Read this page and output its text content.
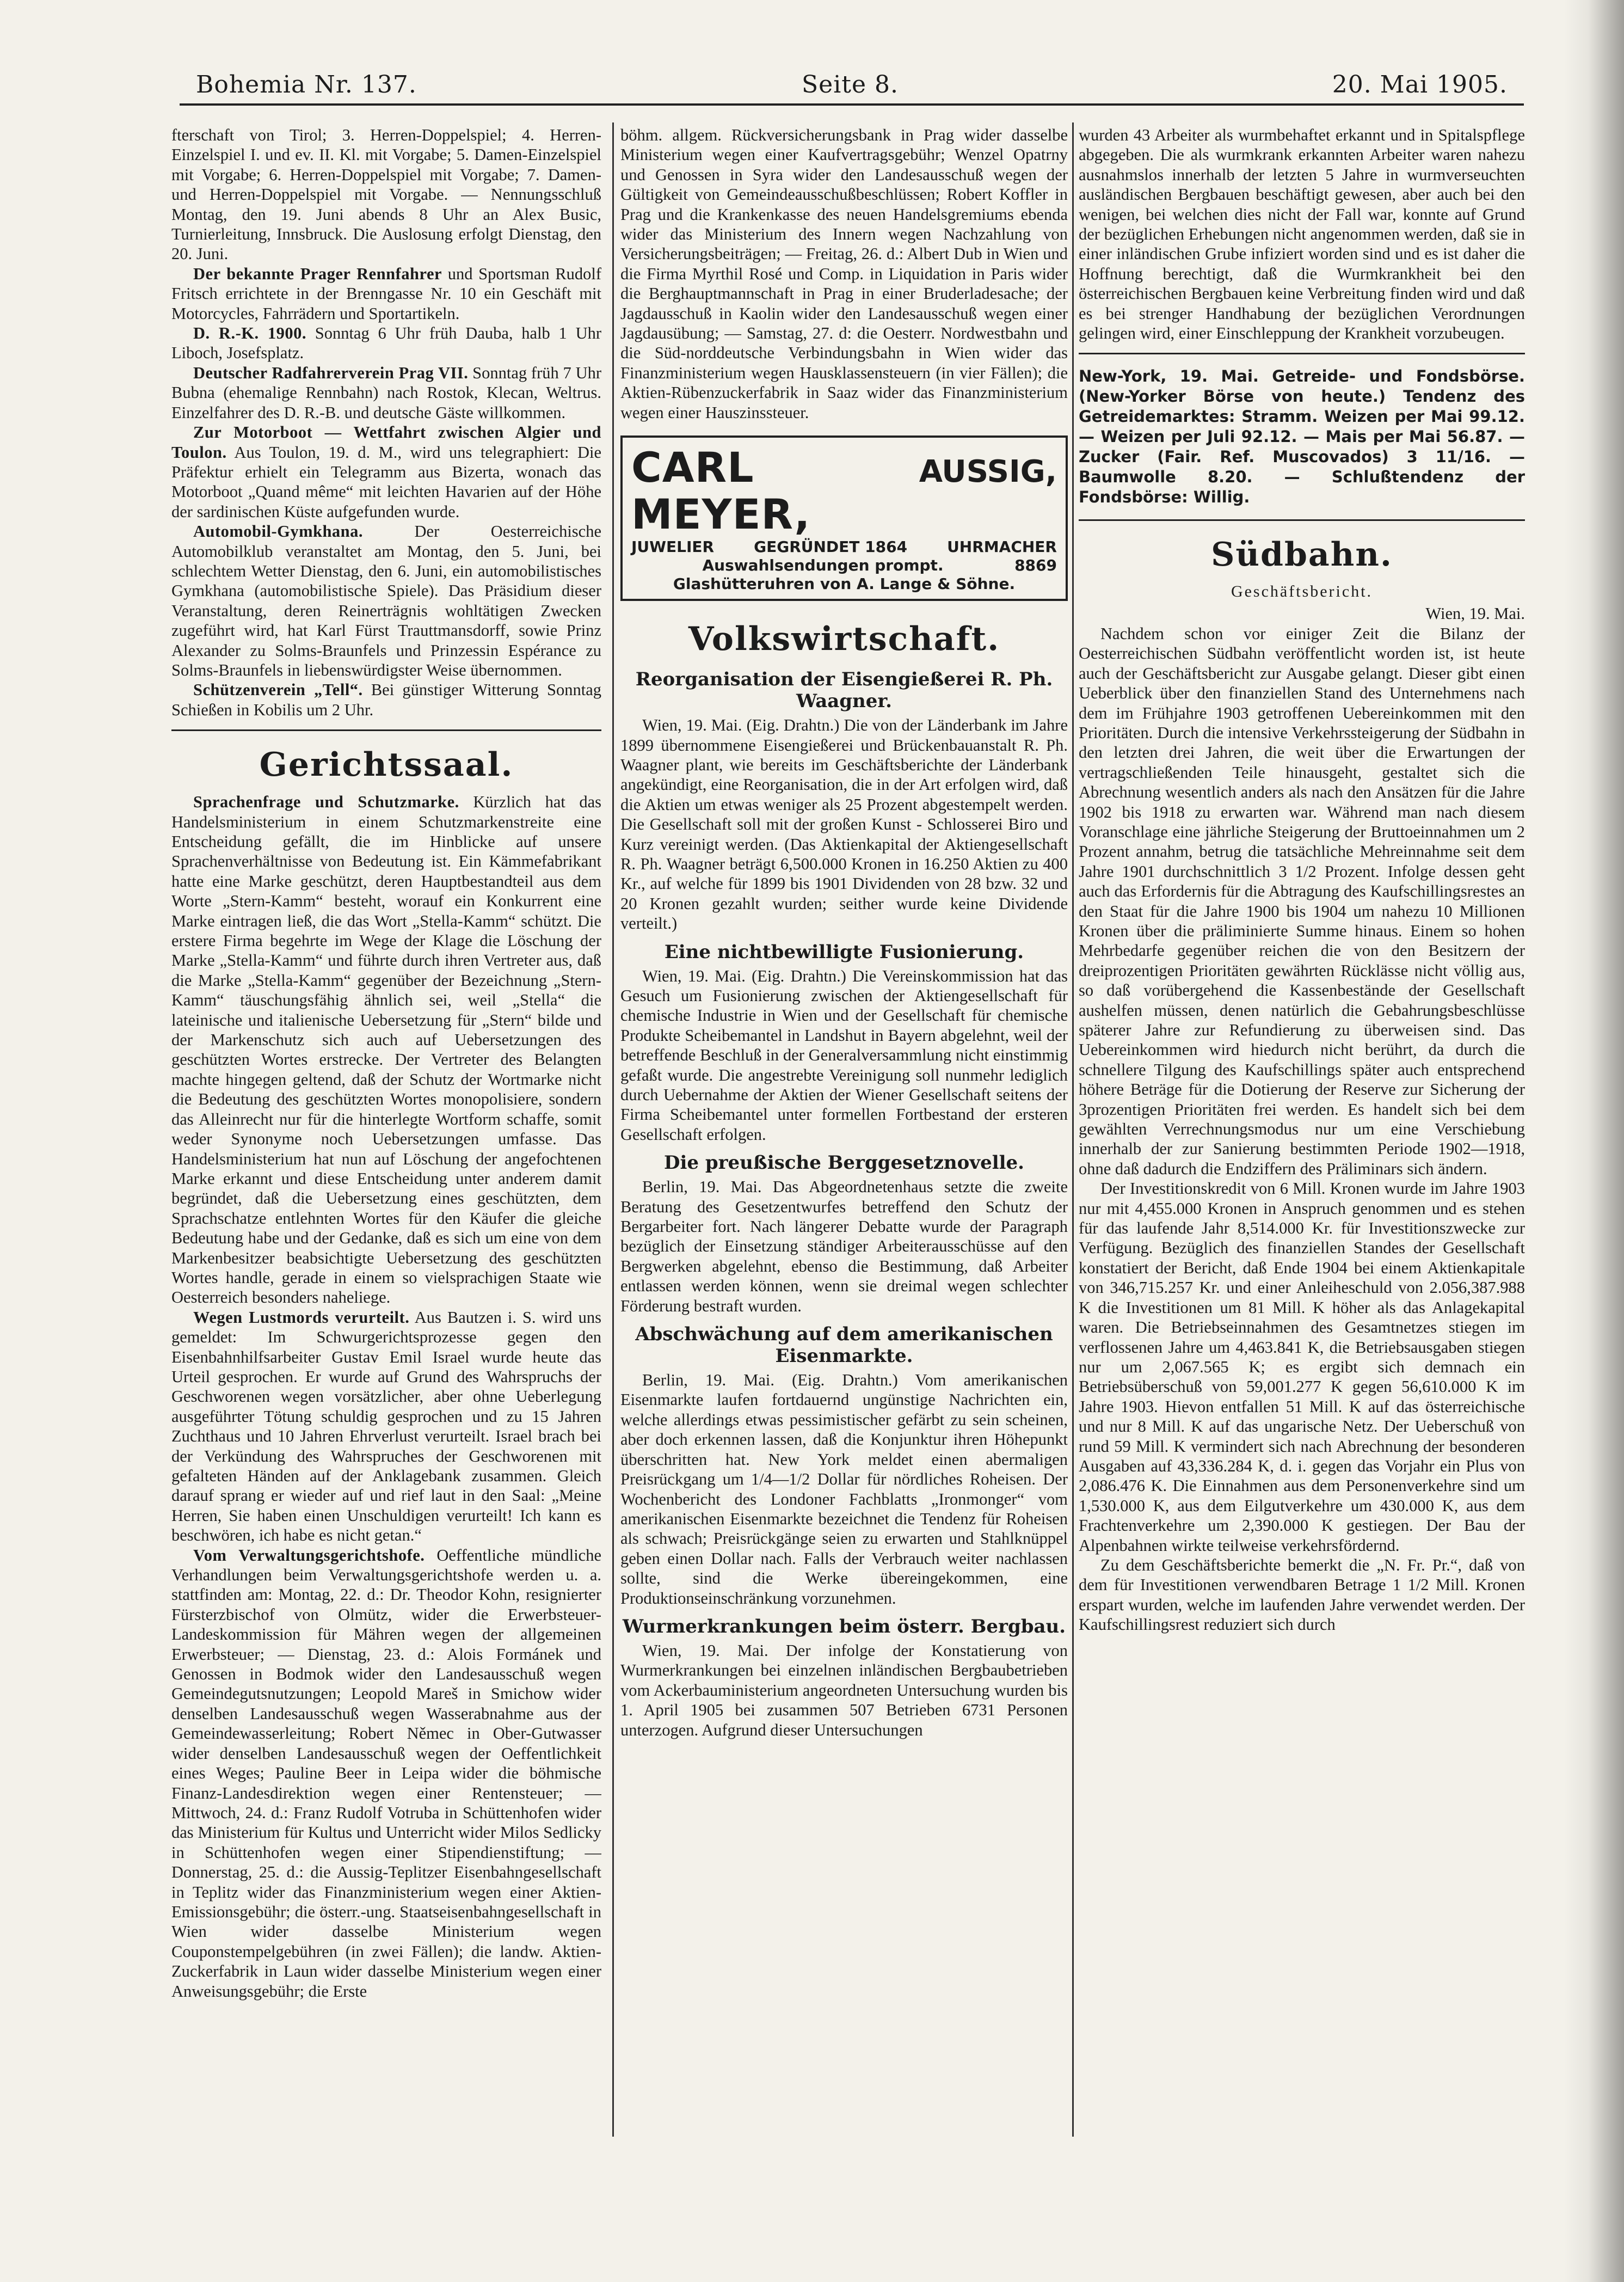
Bohemia Nr. 137.	Seite 8.	20. Mai 1905.

fterschaft von Tirol; 3. Herren-Doppelspiel; 4. Herren-Einzelspiel I. und ev. II. Kl. mit Vorgabe; 5. Damen-Einzelspiel mit Vorgabe; 6. Herren-Doppelspiel mit Vorgabe; 7. Damen- und Herren-Doppelspiel mit Vorgabe. — Nennungsschluß Montag, den 19. Juni abends 8 Uhr an Alex Busic, Turnierleitung, Innsbruck. Die Auslosung erfolgt Dienstag, den 20. Juni.

Der bekannte Prager Rennfahrer und Sportsman Rudolf Fritsch errichtete in der Brenngasse Nr. 10 ein Geschäft mit Motorcycles, Fahrrädern und Sportartikeln.

D. R.-K. 1900. Sonntag 6 Uhr früh Dauba, halb 1 Uhr Liboch, Josefsplatz.

Deutscher Radfahrerverein Prag VII. Sonntag früh 7 Uhr Bubna (ehemalige Rennbahn) nach Rostok, Klecan, Weltrus. Einzelfahrer des D. R.-B. und deutsche Gäste willkommen.

Zur Motorboot — Wettfahrt zwischen Algier und Toulon. Aus Toulon, 19. d. M., wird uns telegraphiert: Die Präfektur erhielt ein Telegramm aus Bizerta, wonach das Motorboot „Quand même“ mit leichten Havarien auf der Höhe der sardinischen Küste aufgefunden wurde.

Automobil-Gymkhana.	Der Oesterreichische Automobilklub veranstaltet am Montag, den 5. Juni, bei schlechtem Wetter Dienstag, den 6. Juni, ein automobilistisches Gymkhana (automobilistische Spiele). Das Präsidium dieser Veranstaltung, deren Reinerträgnis wohltätigen Zwecken zugeführt wird, hat Karl Fürst Trauttmansdorff, sowie Prinz Alexander zu Solms-Braunfels und Prinzessin Espérance zu Solms-Braunfels in liebenswürdigster Weise übernommen.

Schützenverein „Tell“. Bei günstiger Witterung Sonntag Schießen in Kobilis um 2 Uhr.

Gerichtssaal.

Sprachenfrage und Schutzmarke. Kürzlich hat das Handelsministerium in einem Schutzmarkenstreite eine Entscheidung gefällt, die im Hinblicke auf unsere Sprachenverhältnisse von Bedeutung ist. Ein Kämmefabrikant hatte eine Marke geschützt, deren Hauptbestandteil aus dem Worte „Stern-Kamm“ besteht, worauf ein Konkurrent eine Marke eintragen ließ, die das Wort „Stella-Kamm“ schützt. Die erstere Firma begehrte im Wege der Klage die Löschung der Marke „Stella-Kamm“ und führte durch ihren Vertreter aus, daß die Marke „Stella-Kamm“ gegenüber der Bezeichnung „Stern-Kamm“ täuschungsfähig ähnlich sei, weil „Stella“ die lateinische und italienische Uebersetzung für „Stern“ bilde und der Markenschutz sich auch auf Uebersetzungen des geschützten Wortes erstrecke. Der Vertreter des Belangten machte hingegen geltend, daß der Schutz der Wortmarke nicht die Bedeutung des geschützten Wortes monopolisiere, sondern das Alleinrecht nur für die hinterlegte Wortform schaffe, somit weder Synonyme noch Uebersetzungen umfasse. Das Handelsministerium hat nun auf Löschung der angefochtenen Marke erkannt und diese Entscheidung unter anderem damit begründet, daß die Uebersetzung eines geschützten, dem Sprachschatze entlehnten Wortes für den Käufer die gleiche Bedeutung habe und der Gedanke, daß es sich um eine von dem Markenbesitzer beabsichtigte Uebersetzung des geschützten Wortes handle, gerade in einem so vielsprachigen Staate wie Oesterreich besonders naheliege.

Wegen Lustmords verurteilt. Aus Bautzen i. S. wird uns gemeldet: Im Schwurgerichtsprozesse gegen den Eisenbahnhilfsarbeiter Gustav Emil Israel wurde heute das Urteil gesprochen. Er wurde auf Grund des Wahrspruchs der Geschworenen wegen vorsätzlicher, aber ohne Ueberlegung ausgeführter Tötung schuldig gesprochen und zu 15 Jahren Zuchthaus und 10 Jahren Ehrverlust verurteilt. Israel brach bei der Verkündung des Wahrspruches der Geschworenen mit gefalteten Händen auf der Anklagebank zusammen. Gleich darauf sprang er wieder auf und rief laut in den Saal: „Meine Herren, Sie haben einen Unschuldigen verurteilt! Ich kann es beschwören, ich habe es nicht getan.“

Vom Verwaltungsgerichtshofe. Oeffentliche mündliche Verhandlungen beim Verwaltungsgerichtshofe werden u. a. stattfinden am: Montag, 22. d.: Dr. Theodor Kohn, resignierter Fürsterzbischof von Olmütz, wider die Erwerbsteuer-Landeskommission für Mähren wegen der allgemeinen Erwerbsteuer; — Dienstag, 23. d.: Alois Formánek und Genossen in Bodmok wider den Landesausschuß wegen Gemeindegutsnutzungen; Leopold Mareš in Smichow wider denselben Landesausschuß wegen Wasserabnahme aus der Gemeindewasserleitung; Robert Němec in Ober-Gutwasser wider denselben Landesausschuß wegen der Oeffentlichkeit eines Weges; Pauline Beer in Leipa wider die böhmische Finanz-Landesdirektion wegen einer Rentensteuer; — Mittwoch, 24. d.: Franz Rudolf Votruba in Schüttenhofen wider das Ministerium für Kultus und Unterricht wider Milos Sedlicky in Schüttenhofen wegen einer Stipendienstiftung; — Donnerstag, 25. d.: die Aussig-Teplitzer Eisenbahngesellschaft in Teplitz wider das Finanzministerium wegen einer Aktien-Emissionsgebühr; die österr.-ung. Staatseisenbahngesellschaft in Wien wider dasselbe Ministerium wegen Couponstempelgebühren (in zwei Fällen); die landw. Aktien-Zuckerfabrik in Laun wider dasselbe Ministerium wegen einer Anweisungsgebühr; die Erste

böhm. allgem. Rückversicherungsbank in Prag wider dasselbe Ministerium wegen einer Kaufvertragsgebühr; Wenzel Opatrny und Genossen in Syra wider den Landesausschuß wegen der Gültigkeit von Gemeindeausschußbeschlüssen; Robert Koffler in Prag und die Krankenkasse des neuen Handelsgremiums ebenda wider das Ministerium des Innern wegen Nachzahlung von Versicherungsbeiträgen; — Freitag, 26. d.: Albert Dub in Wien und die Firma Myrthil Rosé und Comp. in Liquidation in Paris wider die Berghauptmannschaft in Prag in einer Bruderladesache; der Jagdausschuß in Kaolin wider den Landesausschuß wegen einer Jagdausübung; — Samstag, 27. d: die Oesterr. Nordwestbahn und die Süd-norddeutsche Verbindungsbahn in Wien wider das Finanzministerium wegen Hausklassensteuern (in vier Fällen); die Aktien-Rübenzuckerfabrik in Saaz wider das Finanzministerium wegen einer Hauszinssteuer.

CARL MEYER,
AUSSIG,
JUWELIER	GEGRÜNDET 1864	UHRMACHER
Auswahlsendungen prompt.	8869
Glashütteruhren von A. Lange & Söhne.
Volkswirtschaft.
Reorganisation der Eisengießerei R. Ph. Waagner.

Wien, 19. Mai. (Eig. Drahtn.) Die von der Länderbank im Jahre 1899 übernommene Eisengießerei und Brückenbauanstalt R. Ph. Waagner plant, wie bereits im Geschäftsberichte der Länderbank angekündigt, eine Reorganisation, die in der Art erfolgen wird, daß die Aktien um etwas weniger als 25 Prozent abgestempelt werden. Die Gesellschaft soll mit der großen Kunst - Schlosserei Biro und Kurz vereinigt werden. (Das Aktienkapital der Aktiengesellschaft R. Ph. Waagner beträgt 6,500.000 Kronen in 16.250 Aktien zu 400 Kr., auf welche für 1899 bis 1901 Dividenden von 28 bzw. 32 und 20 Kronen gezahlt wurden; seither wurde keine Dividende verteilt.)

Eine nichtbewilligte Fusionierung.

Wien, 19. Mai. (Eig. Drahtn.) Die Vereinskommission hat das Gesuch um Fusionierung zwischen der Aktiengesellschaft für chemische Industrie in Wien und der Gesellschaft für chemische Produkte Scheibemantel in Landshut in Bayern abgelehnt, weil der betreffende Beschluß in der Generalversammlung nicht einstimmig gefaßt wurde. Die angestrebte Vereinigung soll nunmehr lediglich durch Uebernahme der Aktien der Wiener Gesellschaft seitens der Firma Scheibemantel unter formellen Fortbestand der ersteren Gesellschaft erfolgen.

Die preußische Berggesetznovelle.

Berlin, 19. Mai. Das Abgeordnetenhaus setzte die zweite Beratung des Gesetzentwurfes betreffend den Schutz der Bergarbeiter fort. Nach längerer Debatte wurde der Paragraph bezüglich der Einsetzung ständiger Arbeiterausschüsse auf den Bergwerken abgelehnt, ebenso die Bestimmung, daß Arbeiter entlassen werden können, wenn sie dreimal wegen schlechter Förderung bestraft wurden.

Abschwächung auf dem amerikanischen Eisenmarkte.

Berlin, 19. Mai. (Eig. Drahtn.) Vom amerikanischen Eisenmarkte laufen fortdauernd ungünstige Nachrichten ein, welche allerdings etwas pessimistischer gefärbt zu sein scheinen, aber doch erkennen lassen, daß die Konjunktur ihren Höhepunkt überschritten hat. New York meldet einen abermaligen Preisrückgang um 1/4—1/2 Dollar für nördliches Roheisen. Der Wochenbericht des Londoner Fachblatts „Ironmonger“ vom amerikanischen Eisenmarkte bezeichnet die Tendenz für Roheisen als schwach; Preisrückgänge seien zu erwarten und Stahlknüppel geben einen Dollar nach. Falls der Verbrauch weiter nachlassen sollte, sind die Werke übereingekommen, eine Produktionseinschränkung vorzunehmen.

Wurmerkrankungen beim österr. Bergbau.

Wien, 19. Mai. Der infolge der Konstatierung von Wurmerkrankungen bei einzelnen inländischen Bergbaubetrieben vom Ackerbauministerium angeordneten Untersuchung wurden bis 1. April 1905 bei zusammen 507 Betrieben 6731 Personen unterzogen. Aufgrund dieser Untersuchungen

wurden 43 Arbeiter als wurmbehaftet erkannt und in Spitalspflege abgegeben. Die als wurmkrank erkannten Arbeiter waren nahezu ausnahmslos innerhalb der letzten 5 Jahre in wurmverseuchten ausländischen Bergbauen beschäftigt gewesen, aber auch bei den wenigen, bei welchen dies nicht der Fall war, konnte auf Grund der bezüglichen Erhebungen nicht angenommen werden, daß sie in einer inländischen Grube infiziert worden sind und es ist daher die Hoffnung berechtigt, daß die Wurmkrankheit bei den österreichischen Bergbauen keine Verbreitung finden wird und daß es bei strenger Handhabung der bezüglichen Verordnungen gelingen wird, einer Einschleppung der Krankheit vorzubeugen.

New-York, 19. Mai. Getreide- und Fondsbörse. (New-Yorker Börse von heute.) Tendenz des Getreidemarktes: Stramm. Weizen per Mai 99.12. — Weizen per Juli 92.12. — Mais per Mai 56.87. — Zucker (Fair. Ref. Muscovados) 3 11/16. — Baumwolle 8.20. — Schlußtendenz der Fondsbörse: Willig.

Südbahn.
Geschäftsbericht.

Wien, 19. Mai.

Nachdem schon vor einiger Zeit die Bilanz der Oesterreichischen Südbahn veröffentlicht worden ist, ist heute auch der Geschäftsbericht zur Ausgabe gelangt. Dieser gibt einen Ueberblick über den finanziellen Stand des Unternehmens nach dem im Frühjahre 1903 getroffenen Uebereinkommen mit den Prioritäten. Durch die intensive Verkehrssteigerung der Südbahn in den letzten drei Jahren, die weit über die Erwartungen der vertragschließenden Teile hinausgeht, gestaltet sich die Abrechnung wesentlich anders als nach den Ansätzen für die Jahre 1902 bis 1918 zu erwarten war. Während man nach diesem Voranschlage eine jährliche Steigerung der Bruttoeinnahmen um 2 Prozent annahm, betrug die tatsächliche Mehreinnahme seit dem Jahre 1901 durchschnittlich 3 1/2 Prozent. Infolge dessen geht auch das Erfordernis für die Abtragung des Kaufschillingsrestes an den Staat für die Jahre 1900 bis 1904 um nahezu 10 Millionen Kronen über die präliminierte Summe hinaus. Einem so hohen Mehrbedarfe gegenüber reichen die von den Besitzern der dreiprozentigen Prioritäten gewährten Rücklässe nicht völlig aus, so daß vorübergehend die Kassenbestände der Gesellschaft aushelfen müssen, denen natürlich die Gebahrungsbeschlüsse späterer Jahre zur Refundierung zu überweisen sind. Das Uebereinkommen wird hiedurch nicht berührt, da durch die schnellere Tilgung des Kaufschillings später auch entsprechend höhere Beträge für die Dotierung der Reserve zur Sicherung der 3prozentigen Prioritäten frei werden. Es handelt sich bei dem gewählten Verrechnungsmodus nur um eine Verschiebung innerhalb der zur Sanierung bestimmten Periode 1902—1918, ohne daß dadurch die Endziffern des Präliminars sich ändern.

Der Investitionskredit von 6 Mill. Kronen wurde im Jahre 1903 nur mit 4,455.000 Kronen in Anspruch genommen und es stehen für das laufende Jahr 8,514.000 Kr. für Investitionszwecke zur Verfügung. Bezüglich des finanziellen Standes der Gesellschaft konstatiert der Bericht, daß Ende 1904 bei einem Aktienkapitale von 346,715.257 Kr. und einer Anleiheschuld von 2.056,387.988 K die Investitionen um 81 Mill. K höher als das Anlagekapital waren. Die Betriebseinnahmen des Gesamtnetzes stiegen im verflossenen Jahre um 4,463.841 K, die Betriebsausgaben stiegen nur um 2,067.565 K; es ergibt sich demnach ein Betriebsüberschuß von 59,001.277 K gegen 56,610.000 K im Jahre 1903. Hievon entfallen 51 Mill. K auf das österreichische und nur 8 Mill. K auf das ungarische Netz. Der Ueberschuß von rund 59 Mill. K vermindert sich nach Abrechnung der besonderen Ausgaben auf 43,336.284 K, d. i. gegen das Vorjahr ein Plus von 2,086.476 K. Die Einnahmen aus dem Personenverkehre sind um 1,530.000 K, aus dem Eilgutverkehre um 430.000 K, aus dem Frachtenverkehre um 2,390.000 K gestiegen. Der Bau der Alpenbahnen wirkte teilweise verkehrsfördernd.

Zu dem Geschäftsberichte bemerkt die „N. Fr. Pr.“, daß von dem für Investitionen verwendbaren Betrage 1 1/2 Mill. Kronen erspart wurden, welche im laufenden Jahre verwendet werden. Der Kaufschillingsrest reduziert sich durch
